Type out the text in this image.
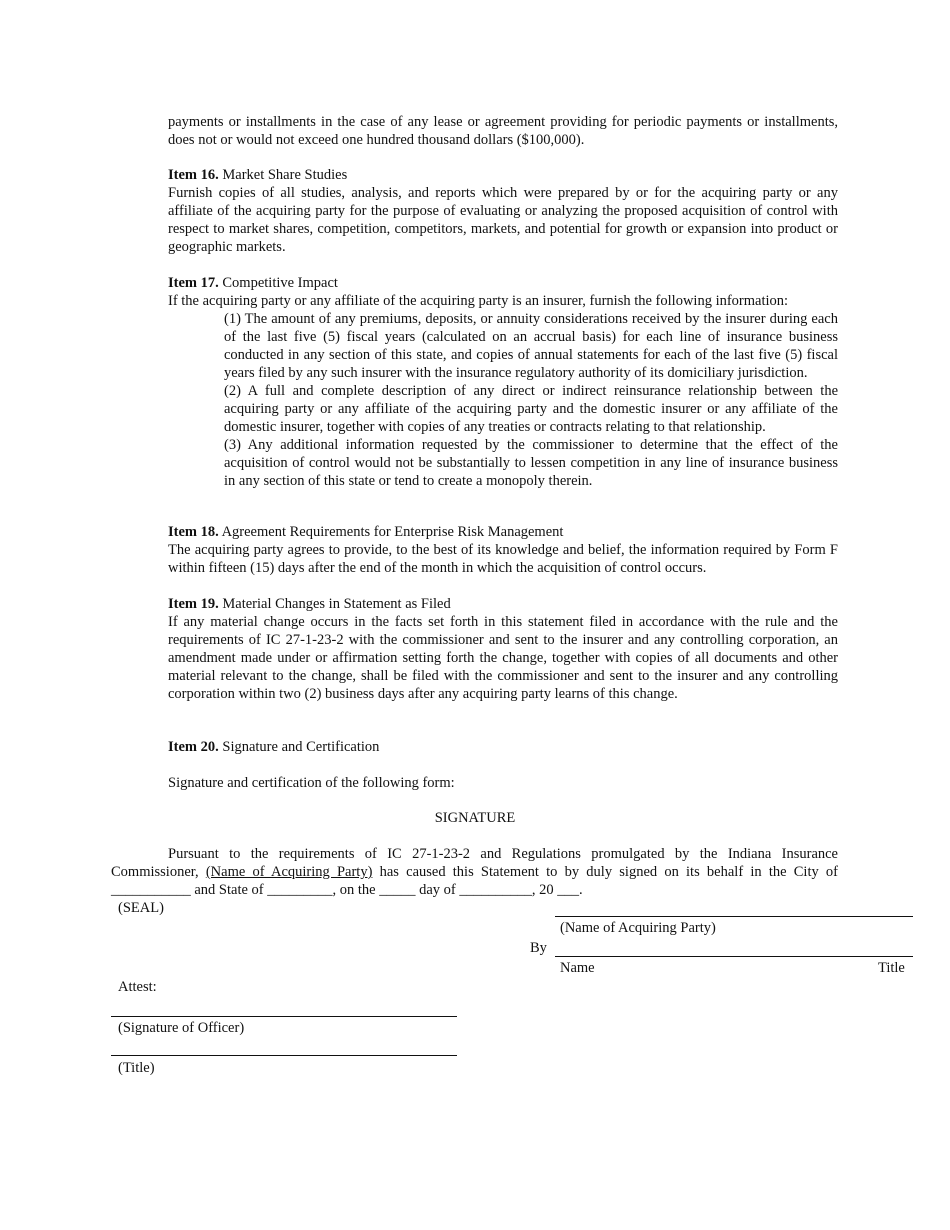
payments or installments in the case of any lease or agreement providing for periodic payments or installments, does not or would not exceed one hundred thousand dollars ($100,000).

Item 16. Market Share Studies

Furnish copies of all studies, analysis, and reports which were prepared by or for the acquiring party or any affiliate of the acquiring party for the purpose of evaluating or analyzing the proposed acquisition of control with respect to market shares, competition, competitors, markets, and potential for growth or expansion into product or geographic markets.

Item 17. Competitive Impact

If the acquiring party or any affiliate of the acquiring party is an insurer, furnish the following information:

(1) The amount of any premiums, deposits, or annuity considerations received by the insurer during each of the last five (5) fiscal years (calculated on an accrual basis) for each line of insurance business conducted in any section of this state, and copies of annual statements for each of the last five (5) fiscal years filed by any such insurer with the insurance regulatory authority of its domiciliary jurisdiction.

(2) A full and complete description of any direct or indirect reinsurance relationship between the acquiring party or any affiliate of the acquiring party and the domestic insurer or any affiliate of the domestic insurer, together with copies of any treaties or contracts relating to that relationship.

(3) Any additional information requested by the commissioner to determine that the effect of the acquisition of control would not be substantially to lessen competition in any line of insurance business in any section of this state or tend to create a monopoly therein.

Item 18. Agreement Requirements for Enterprise Risk Management

The acquiring party agrees to provide, to the best of its knowledge and belief, the information required by Form F within fifteen (15) days after the end of the month in which the acquisition of control occurs.

Item 19. Material Changes in Statement as Filed

If any material change occurs in the facts set forth in this statement filed in accordance with the rule and the requirements of IC 27-1-23-2 with the commissioner and sent to the insurer and any controlling corporation, an amendment made under or affirmation setting forth the change, together with copies of all documents and other material relevant to the change, shall be filed with the commissioner and sent to the insurer and any controlling corporation within two (2) business days after any acquiring party learns of this change.

Item 20. Signature and Certification

Signature and certification of the following form:

SIGNATURE

Pursuant to the requirements of IC 27-1-23-2 and Regulations promulgated by the Indiana Insurance Commissioner, (Name of Acquiring Party) has caused this Statement to by duly signed on its behalf in the City of ___________ and State of _________, on the _____ day of __________, 20 ___.

(SEAL)

(Name of Acquiring Party)

By

Name	Title

Attest:

(Signature of Officer)

(Title)
